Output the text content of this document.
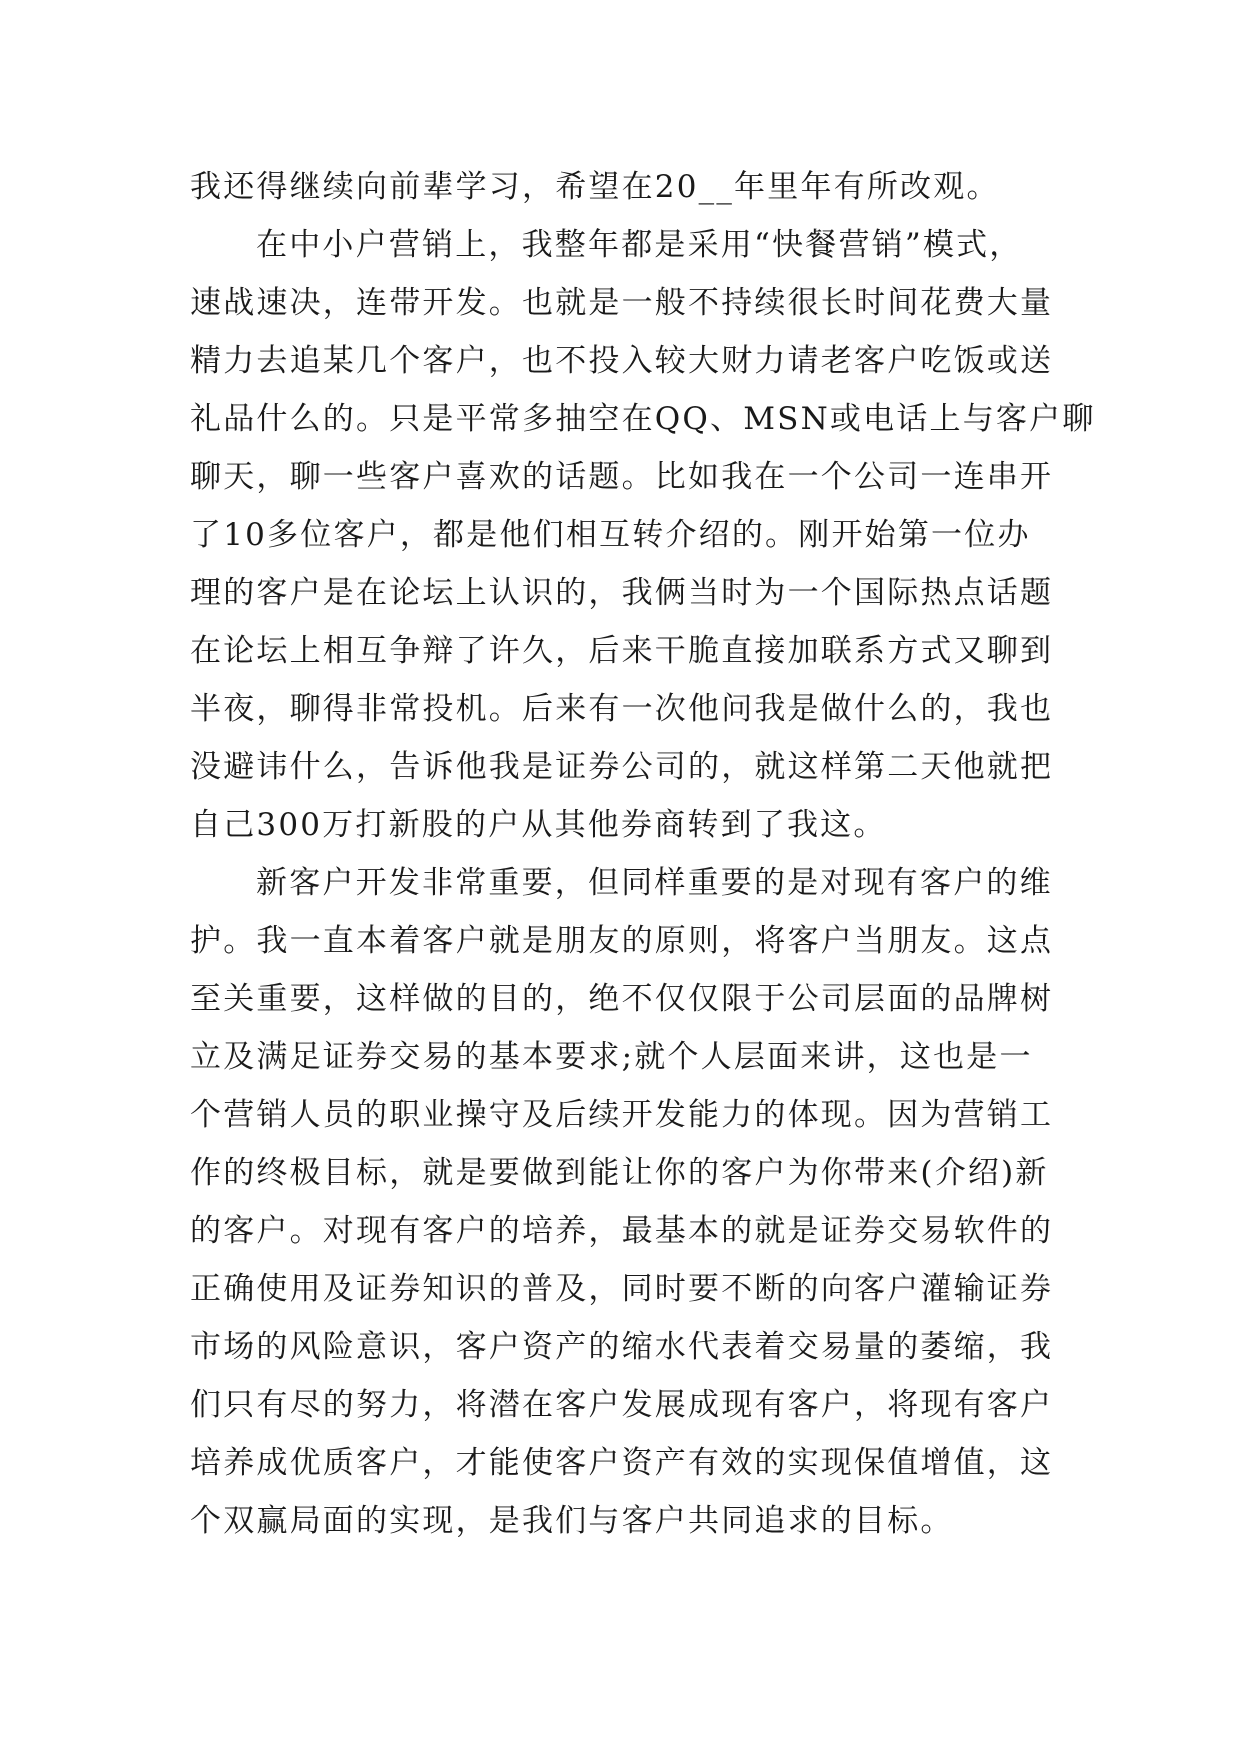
我还得继续向前辈学习，希望在20__年里年有所改观。
在中小户营销上，我整年都是采用“快餐营销”模式，
速战速决，连带开发。也就是一般不持续很长时间花费大量
精力去追某几个客户，也不投入较大财力请老客户吃饭或送
礼品什么的。只是平常多抽空在QQ、MSN或电话上与客户聊
聊天，聊一些客户喜欢的话题。比如我在一个公司一连串开
了10多位客户，都是他们相互转介绍的。刚开始第一位办
理的客户是在论坛上认识的，我俩当时为一个国际热点话题
在论坛上相互争辩了许久，后来干脆直接加联系方式又聊到
半夜，聊得非常投机。后来有一次他问我是做什么的，我也
没避讳什么，告诉他我是证券公司的，就这样第二天他就把
自己300万打新股的户从其他券商转到了我这。
新客户开发非常重要，但同样重要的是对现有客户的维
护。我一直本着客户就是朋友的原则，将客户当朋友。这点
至关重要，这样做的目的，绝不仅仅限于公司层面的品牌树
立及满足证券交易的基本要求;就个人层面来讲，这也是一
个营销人员的职业操守及后续开发能力的体现。因为营销工
作的终极目标，就是要做到能让你的客户为你带来(介绍)新
的客户。对现有客户的培养，最基本的就是证券交易软件的
正确使用及证券知识的普及，同时要不断的向客户灌输证券
市场的风险意识，客户资产的缩水代表着交易量的萎缩，我
们只有尽的努力，将潜在客户发展成现有客户，将现有客户
培养成优质客户，才能使客户资产有效的实现保值增值，这
个双赢局面的实现，是我们与客户共同追求的目标。
